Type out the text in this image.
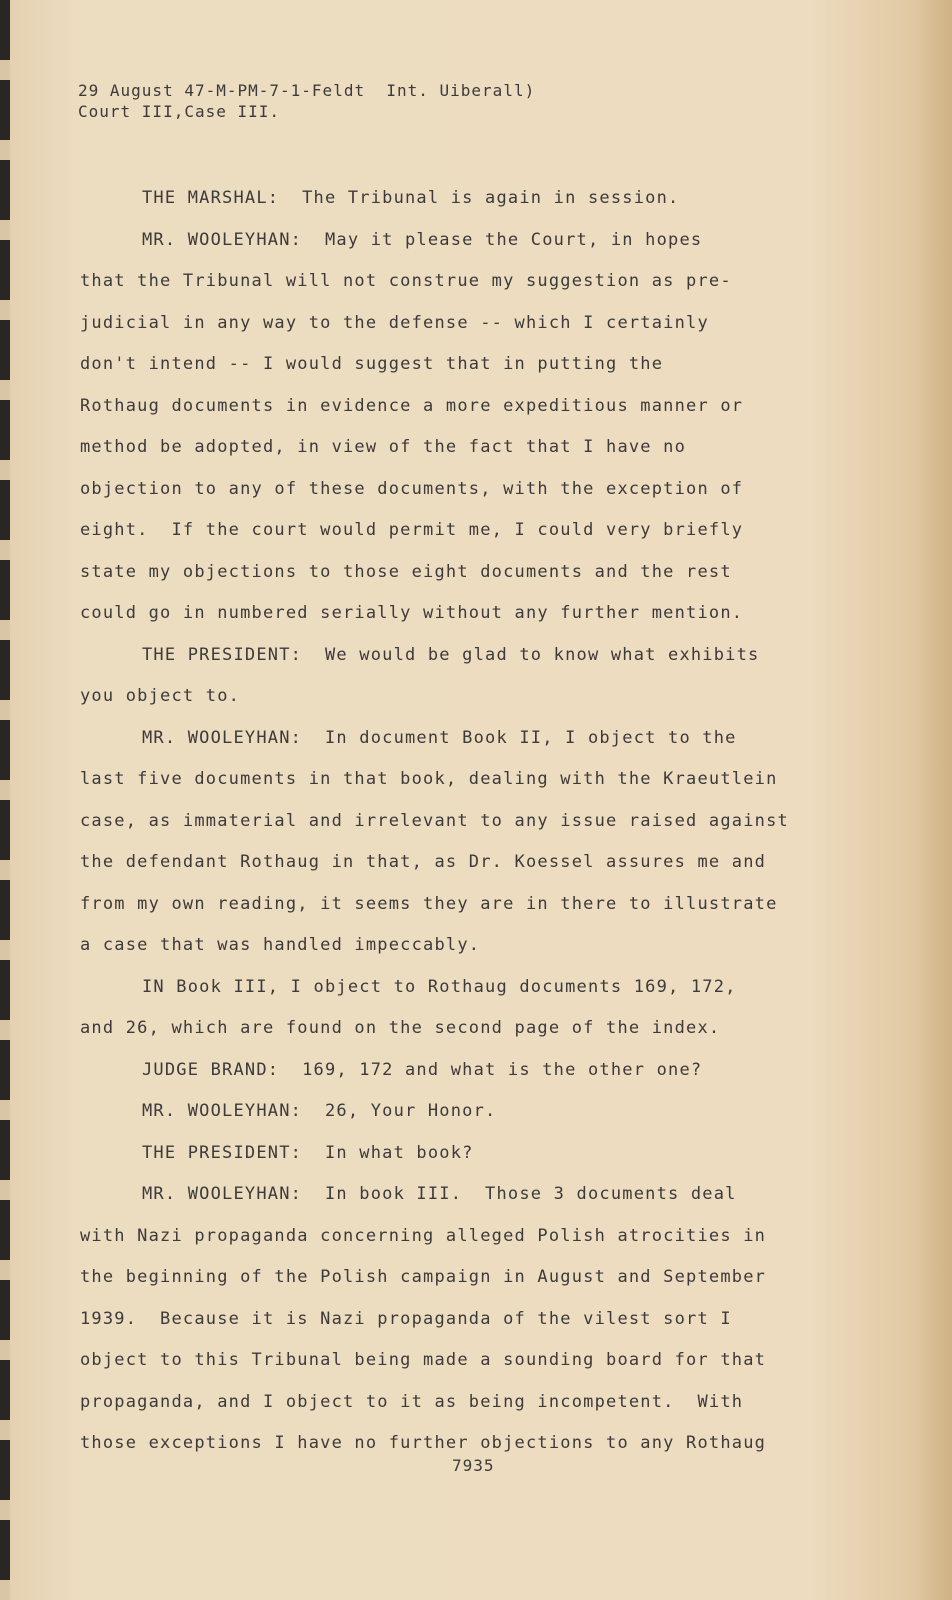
29 August 47-M-PM-7-1-Feldt  Int. Uiberall)
Court III,Case III.
THE MARSHAL:  The Tribunal is again in session.
MR. WOOLEYHAN:  May it please the Court, in hopes
that the Tribunal will not construe my suggestion as pre-
judicial in any way to the defense -- which I certainly
don't intend -- I would suggest that in putting the
Rothaug documents in evidence a more expeditious manner or
method be adopted, in view of the fact that I have no
objection to any of these documents, with the exception of
eight.  If the court would permit me, I could very briefly
state my objections to those eight documents and the rest
could go in numbered serially without any further mention.
THE PRESIDENT:  We would be glad to know what exhibits
you object to.
MR. WOOLEYHAN:  In document Book II, I object to the
last five documents in that book, dealing with the Kraeutlein
case, as immaterial and irrelevant to any issue raised against
the defendant Rothaug in that, as Dr. Koessel assures me and
from my own reading, it seems they are in there to illustrate
a case that was handled impeccably.
IN Book III, I object to Rothaug documents 169, 172,
and 26, which are found on the second page of the index.
JUDGE BRAND:  169, 172 and what is the other one?
MR. WOOLEYHAN:  26, Your Honor.
THE PRESIDENT:  In what book?
MR. WOOLEYHAN:  In book III.  Those 3 documents deal
with Nazi propaganda concerning alleged Polish atrocities in
the beginning of the Polish campaign in August and September
1939.  Because it is Nazi propaganda of the vilest sort I
object to this Tribunal being made a sounding board for that
propaganda, and I object to it as being incompetent.  With
those exceptions I have no further objections to any Rothaug
7935
